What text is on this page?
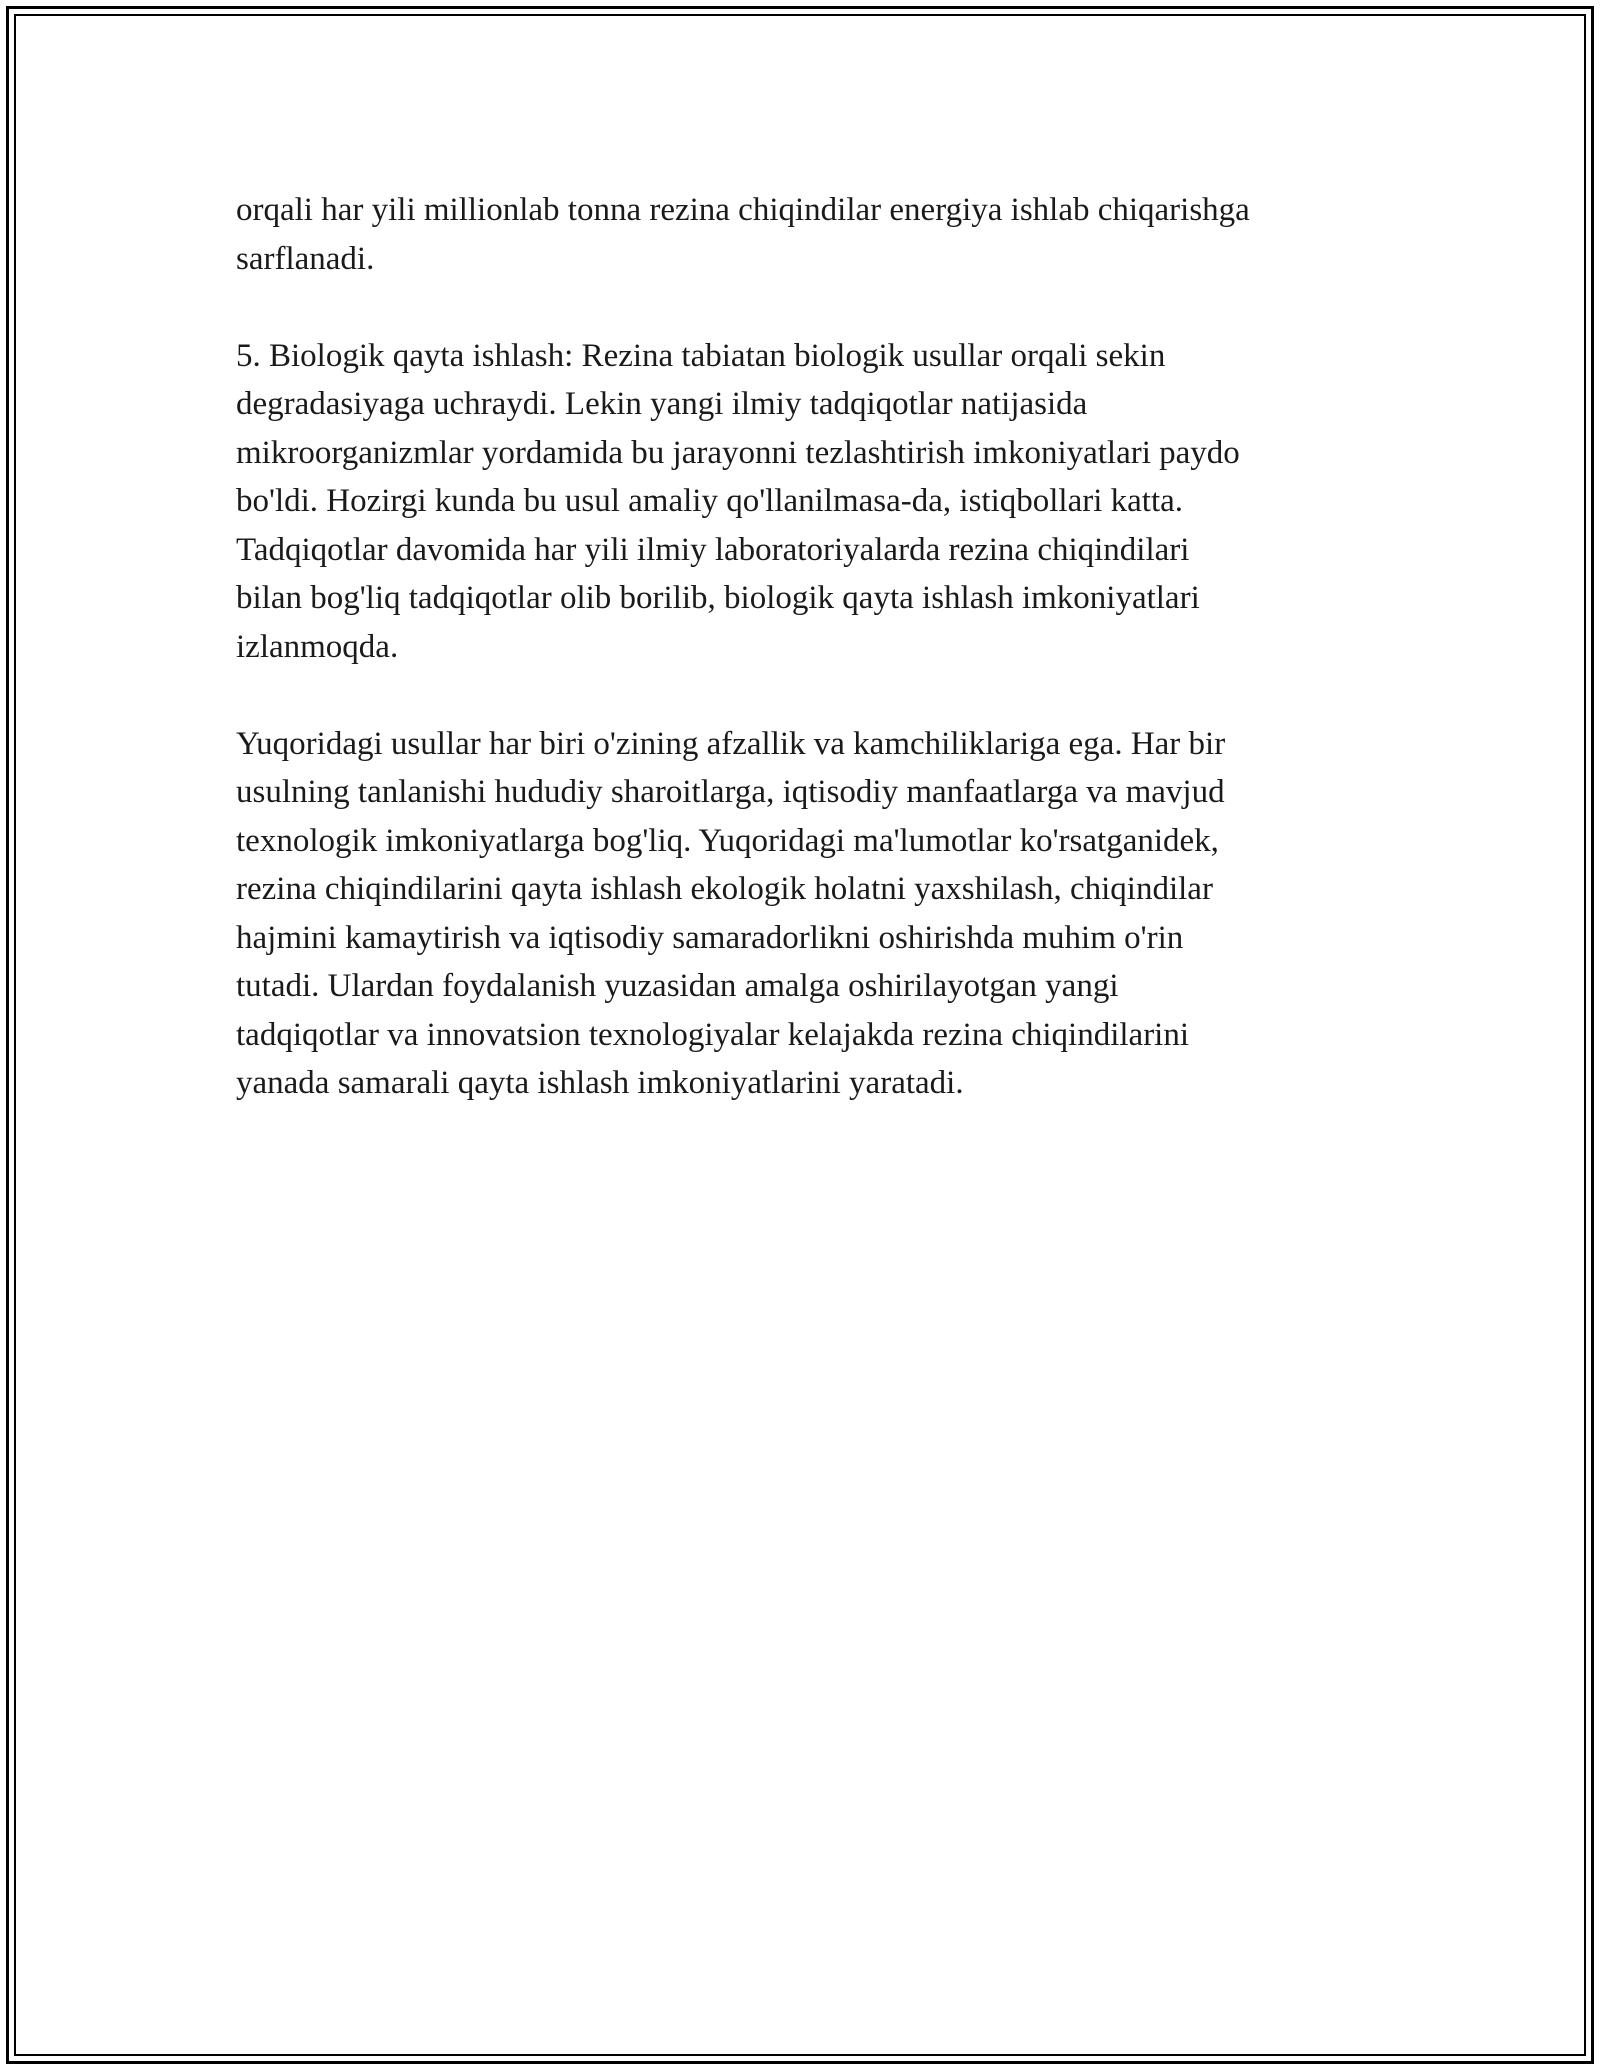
orqali har yili millionlab tonna rezina chiqindilar energiya ishlab chiqarishga
sarflanadi.

5. Biologik qayta ishlash: Rezina tabiatan biologik usullar orqali sekin
degradasiyaga uchraydi. Lekin yangi ilmiy tadqiqotlar natijasida
mikroorganizmlar yordamida bu jarayonni tezlashtirish imkoniyatlari paydo
bo'ldi. Hozirgi kunda bu usul amaliy qo'llanilmasa-da, istiqbollari katta.
Tadqiqotlar davomida har yili ilmiy laboratoriyalarda rezina chiqindilari
bilan bog'liq tadqiqotlar olib borilib, biologik qayta ishlash imkoniyatlari
izlanmoqda.

Yuqoridagi usullar har biri o'zining afzallik va kamchiliklariga ega. Har bir
usulning tanlanishi hududiy sharoitlarga, iqtisodiy manfaatlarga va mavjud
texnologik imkoniyatlarga bog'liq. Yuqoridagi ma'lumotlar ko'rsatganidek,
rezina chiqindilarini qayta ishlash ekologik holatni yaxshilash, chiqindilar
hajmini kamaytirish va iqtisodiy samaradorlikni oshirishda muhim o'rin
tutadi. Ulardan foydalanish yuzasidan amalga oshirilayotgan yangi
tadqiqotlar va innovatsion texnologiyalar kelajakda rezina chiqindilarini
yanada samarali qayta ishlash imkoniyatlarini yaratadi.
